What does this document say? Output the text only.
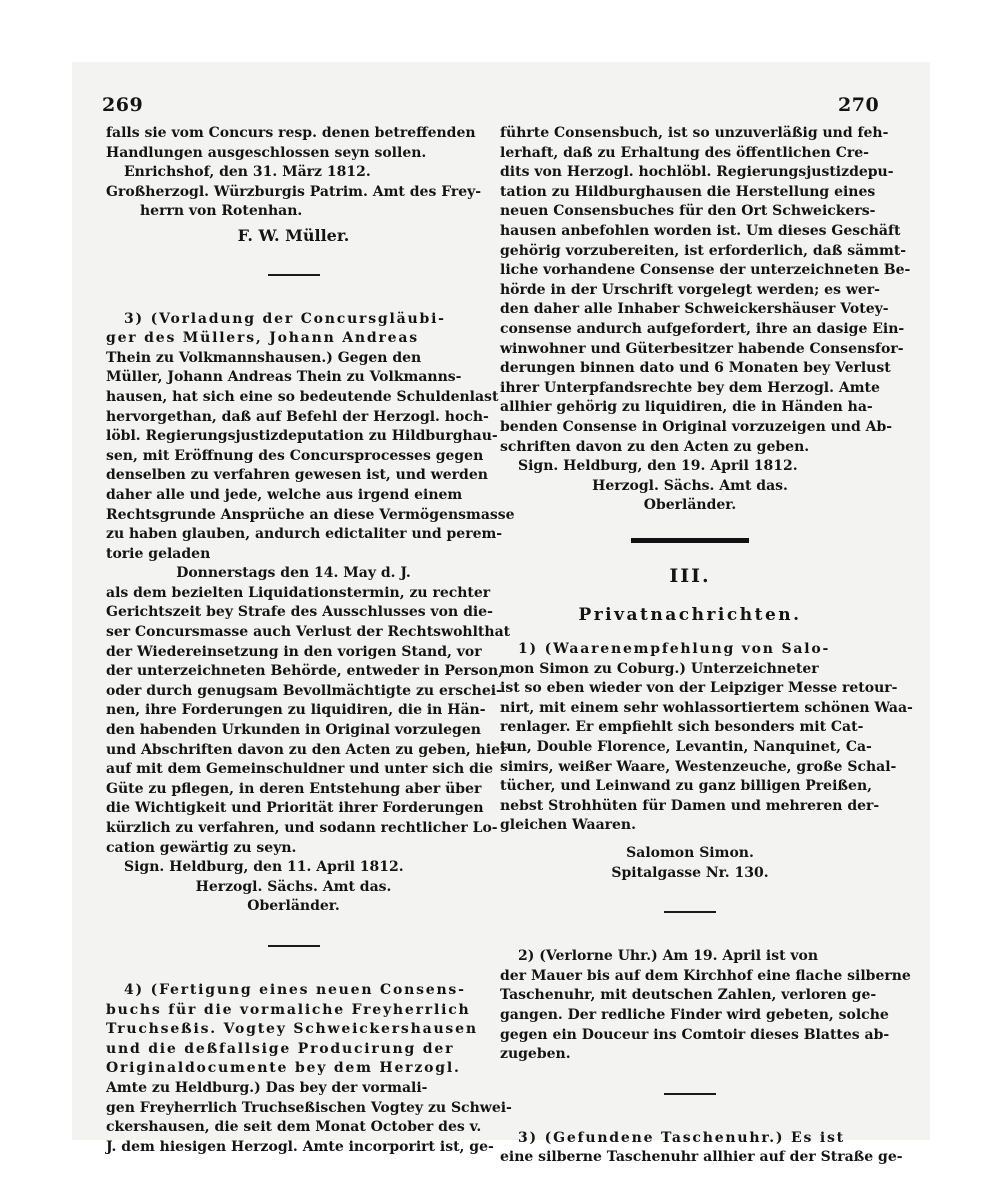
269	270
falls sie vom Concurs resp. denen betreffenden
Handlungen ausgeschlossen seyn sollen.
Enrichshof, den 31. März 1812.
Großherzogl. Würzburgis Patrim. Amt des Frey-
herrn von Rotenhan.
F. W. Müller.
3) (Vorladung der Concursgläubi-
ger des Müllers, Johann Andreas
Thein zu Volkmannshausen.) Gegen den
Müller, Johann Andreas Thein zu Volkmanns-
hausen, hat sich eine so bedeutende Schuldenlast
hervorgethan, daß auf Befehl der Herzogl. hoch-
löbl. Regierungsjustizdeputation zu Hildburghau-
sen, mit Eröffnung des Concursprocesses gegen
denselben zu verfahren gewesen ist, und werden
daher alle und jede, welche aus irgend einem
Rechtsgrunde Ansprüche an diese Vermögensmasse
zu haben glauben, andurch edictaliter und perem-
torie geladen
Donnerstags den 14. May d. J.
als dem bezielten Liquidationstermin, zu rechter
Gerichtszeit bey Strafe des Ausschlusses von die-
ser Concursmasse auch Verlust der Rechtswohlthat
der Wiedereinsetzung in den vorigen Stand, vor
der unterzeichneten Behörde, entweder in Person,
oder durch genugsam Bevollmächtigte zu erschei-
nen, ihre Forderungen zu liquidiren, die in Hän-
den habenden Urkunden in Original vorzulegen
und Abschriften davon zu den Acten zu geben, hier-
auf mit dem Gemeinschuldner und unter sich die
Güte zu pflegen, in deren Entstehung aber über
die Wichtigkeit und Priorität ihrer Forderungen
kürzlich zu verfahren, und sodann rechtlicher Lo-
cation gewärtig zu seyn.
Sign. Heldburg, den 11. April 1812.
Herzogl. Sächs. Amt das.
Oberländer.
4) (Fertigung eines neuen Consens-
buchs für die vormaliche Freyherrlich
Truchseßis. Vogtey Schweickershausen
und die deßfallsige Producirung der
Originaldocumente bey dem Herzogl.
Amte zu Heldburg.) Das bey der vormali-
gen Freyherrlich Truchseßischen Vogtey zu Schwei-
ckershausen, die seit dem Monat October des v.
J. dem hiesigen Herzogl. Amte incorporirt ist, ge-
führte Consensbuch, ist so unzuverläßig und feh-
lerhaft, daß zu Erhaltung des öffentlichen Cre-
dits von Herzogl. hochlöbl. Regierungsjustizdepu-
tation zu Hildburghausen die Herstellung eines
neuen Consensbuches für den Ort Schweickers-
hausen anbefohlen worden ist. Um dieses Geschäft
gehörig vorzubereiten, ist erforderlich, daß sämmt-
liche vorhandene Consense der unterzeichneten Be-
hörde in der Urschrift vorgelegt werden; es wer-
den daher alle Inhaber Schweickershäuser Votey-
consense andurch aufgefordert, ihre an dasige Ein-
winwohner und Güterbesitzer habende Consensfor-
derungen binnen dato und 6 Monaten bey Verlust
ihrer Unterpfandsrechte bey dem Herzogl. Amte
allhier gehörig zu liquidiren, die in Händen ha-
benden Consense in Original vorzuzeigen und Ab-
schriften davon zu den Acten zu geben.
Sign. Heldburg, den 19. April 1812.
Herzogl. Sächs. Amt das.
Oberländer.
III.
Privatnachrichten.
1) (Waarenempfehlung von Salo-
mon Simon zu Coburg.) Unterzeichneter
ist so eben wieder von der Leipziger Messe retour-
nirt, mit einem sehr wohlassortiertem schönen Waa-
renlager. Er empfiehlt sich besonders mit Cat-
tun, Double Florence, Levantin, Nanquinet, Ca-
simirs, weißer Waare, Westenzeuche, große Schal-
tücher, und Leinwand zu ganz billigen Preißen,
nebst Strohhüten für Damen und mehreren der-
gleichen Waaren.
Salomon Simon.
Spitalgasse Nr. 130.
2) (Verlorne Uhr.) Am 19. April ist von
der Mauer bis auf dem Kirchhof eine flache silberne
Taschenuhr, mit deutschen Zahlen, verloren ge-
gangen. Der redliche Finder wird gebeten, solche
gegen ein Douceur ins Comtoir dieses Blattes ab-
zugeben.
3) (Gefundene Taschenuhr.) Es ist
eine silberne Taschenuhr allhier auf der Straße ge-
